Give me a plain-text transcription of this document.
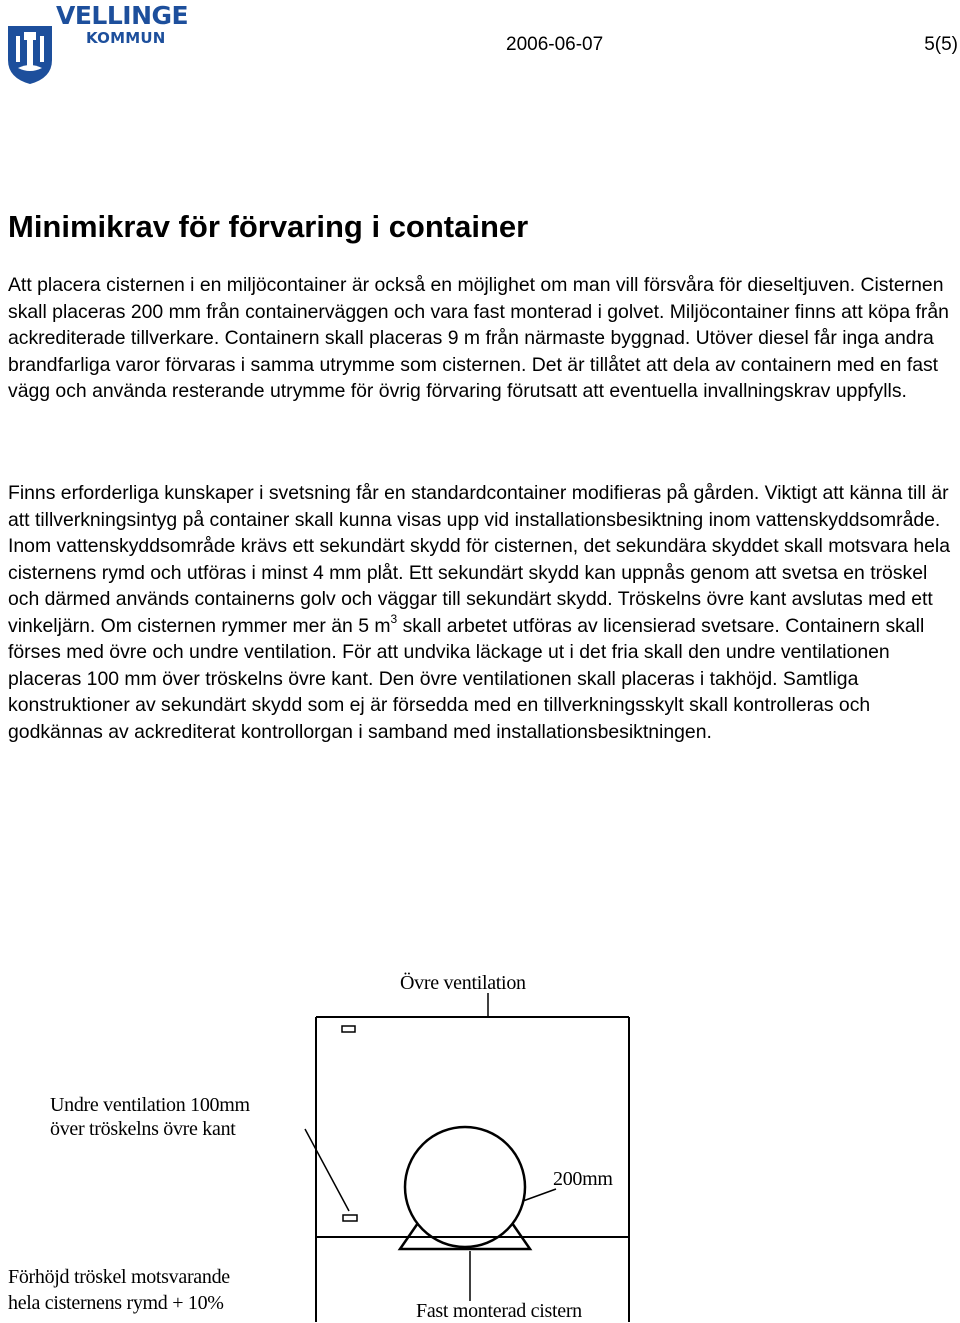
VELLINGE
KOMMUN	2006-06-07	5(5)
Minimikrav för förvaring i container

Att placera cisternen i en miljöcontainer är också en möjlighet om man vill försvåra för dieseltjuven. Cisternen skall placeras 200 mm från containerväggen och vara fast monterad i golvet. Miljöcontainer finns att köpa från ackrediterade tillverkare. Containern skall placeras 9 m från närmaste byggnad. Utöver diesel får inga andra brandfarliga varor förvaras i samma utrymme som cisternen. Det är tillåtet att dela av containern med en fast vägg och använda resterande utrymme för övrig förvaring förutsatt att eventuella invallningskrav uppfylls.

Finns erforderliga kunskaper i svetsning får en standardcontainer modifieras på gården. Viktigt att känna till är att tillverkningsintyg på container skall kunna visas upp vid installationsbesiktning inom vattenskyddsområde. Inom vattenskyddsområde krävs ett sekundärt skydd för cisternen, det sekundära skyddet skall motsvara hela cisternens rymd och utföras i minst 4 mm plåt. Ett sekundärt skydd kan uppnås genom att svetsa en tröskel och därmed används containerns golv och väggar till sekundärt skydd. Tröskelns övre kant avslutas med ett vinkeljärn. Om cisternen rymmer mer än 5 $m^3$ skall arbetet utföras av licensierad svetsare. Containern skall förses med övre och undre ventilation. För att undvika läckage ut i det fria skall den undre ventilationen placeras 100 mm över tröskelns övre kant. Den övre ventilationen skall placeras i takhöjd. Samtliga konstruktioner av sekundärt skydd som ej är försedda med en tillverkningsskylt skall kontrolleras och godkännas av ackrediterat kontrollorgan i samband med installationsbesiktningen.

Övre ventilation
Undre ventilation 100mm
över tröskelns övre kant
200mm
Förhöjd tröskel motsvarande
hela cisternens rymd + 10%	Fast monterad cistern
